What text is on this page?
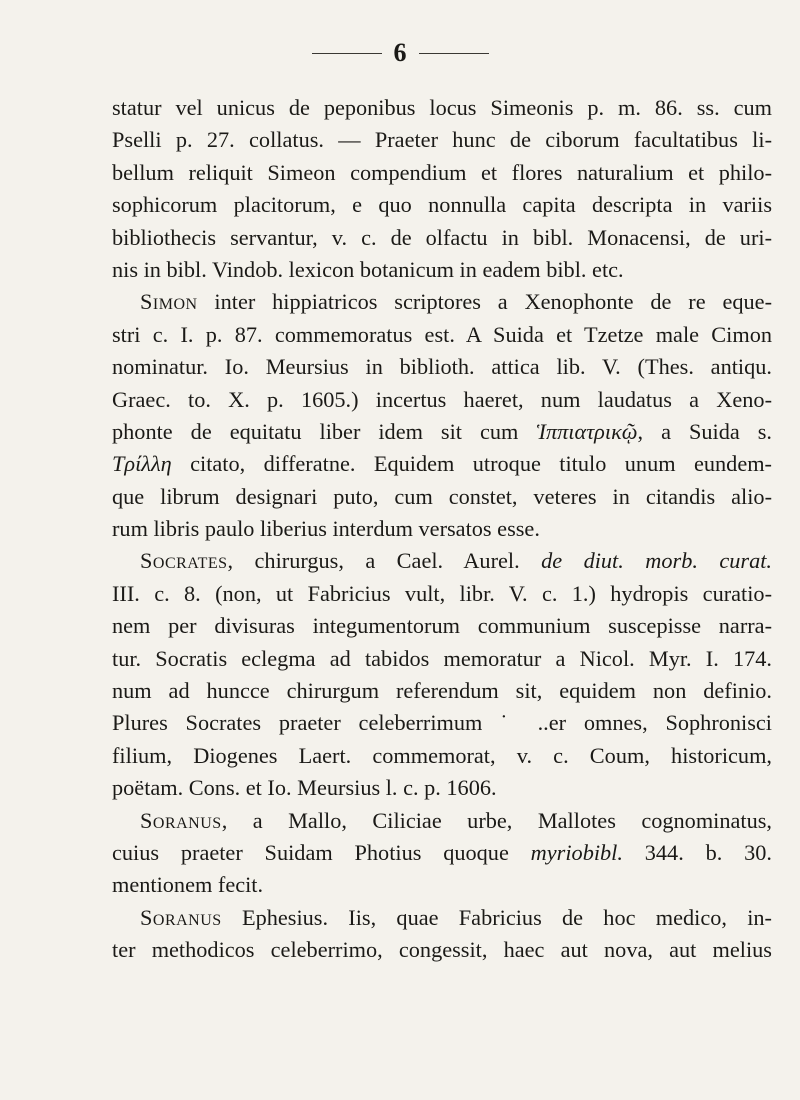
6
statur vel unicus de peponibus locus Simeonis p. m. 86. ss. cum
Pselli p. 27. collatus. — Praeter hunc de ciborum facultatibus li-
bellum reliquit Simeon compendium et flores naturalium et philo-
sophicorum placitorum, e quo nonnulla capita descripta in variis
bibliothecis servantur, v. c. de olfactu in bibl. Monacensi, de uri-
nis in bibl. Vindob. lexicon botanicum in eadem bibl. etc.
Simon inter hippiatricos scriptores a Xenophonte de re eque-
stri c. I. p. 87. commemoratus est. A Suida et Tzetze male Cimon
nominatur. Io. Meursius in biblioth. attica lib. V. (Thes. antiqu.
Graec. to. X. p. 1605.) incertus haeret, num laudatus a Xeno-
phonte de equitatu liber idem sit cum Ἱππιατρικῷ, a Suida s.
Τρίλλη citato, differatne. Equidem utroque titulo unum eundem-
que librum designari puto, cum constet, veteres in citandis alio-
rum libris paulo liberius interdum versatos esse.
Socrates, chirurgus, a Cael. Aurel. de diut. morb. curat.
III. c. 8. (non, ut Fabricius vult, libr. V. c. 1.) hydropis curatio-
nem per divisuras integumentorum communium suscepisse narra-
tur. Socratis eclegma ad tabidos memoratur a Nicol. Myr. I. 174.
num ad huncce chirurgum referendum sit, equidem non definio.
Plures Socrates praeter celeberrimum ˙ ..er omnes, Sophronisci
filium, Diogenes Laert. commemorat, v. c. Coum, historicum,
poëtam. Cons. et Io. Meursius l. c. p. 1606.
Soranus, a Mallo, Ciliciae urbe, Mallotes cognominatus,
cuius praeter Suidam Photius quoque myriobibl. 344. b. 30.
mentionem fecit.
Soranus Ephesius. Iis, quae Fabricius de hoc medico, in-
ter methodicos celeberrimo, congessit, haec aut nova, aut melius
